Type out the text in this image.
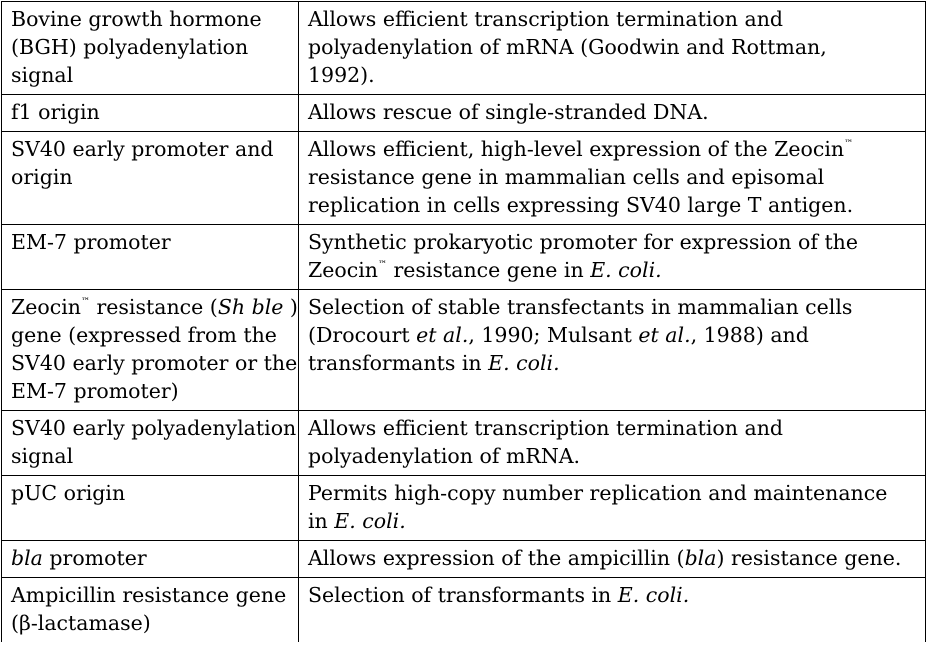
Bovine growth hormone
(BGH) polyadenylation
signal	Allows efficient transcription termination and
polyadenylation of mRNA (Goodwin and Rottman,
1992).

f1 origin	Allows rescue of single-stranded DNA.

SV40 early promoter and
origin	Allows efficient, high-level expression of the Zeocin™
resistance gene in mammalian cells and episomal
replication in cells expressing SV40 large T antigen.

EM-7 promoter	Synthetic prokaryotic promoter for expression of the
Zeocin™ resistance gene in E. coli.

Zeocin™ resistance (Sh ble )
gene (expressed from the
SV40 early promoter or the
EM-7 promoter)	Selection of stable transfectants in mammalian cells
(Drocourt et al., 1990; Mulsant et al., 1988) and
transformants in E. coli.

SV40 early polyadenylation
signal	Allows efficient transcription termination and
polyadenylation of mRNA.

pUC origin	Permits high-copy number replication and maintenance
in E. coli.

bla promoter	Allows expression of the ampicillin (bla) resistance gene.

Ampicillin resistance gene
(β-lactamase)	Selection of transformants in E. coli.
